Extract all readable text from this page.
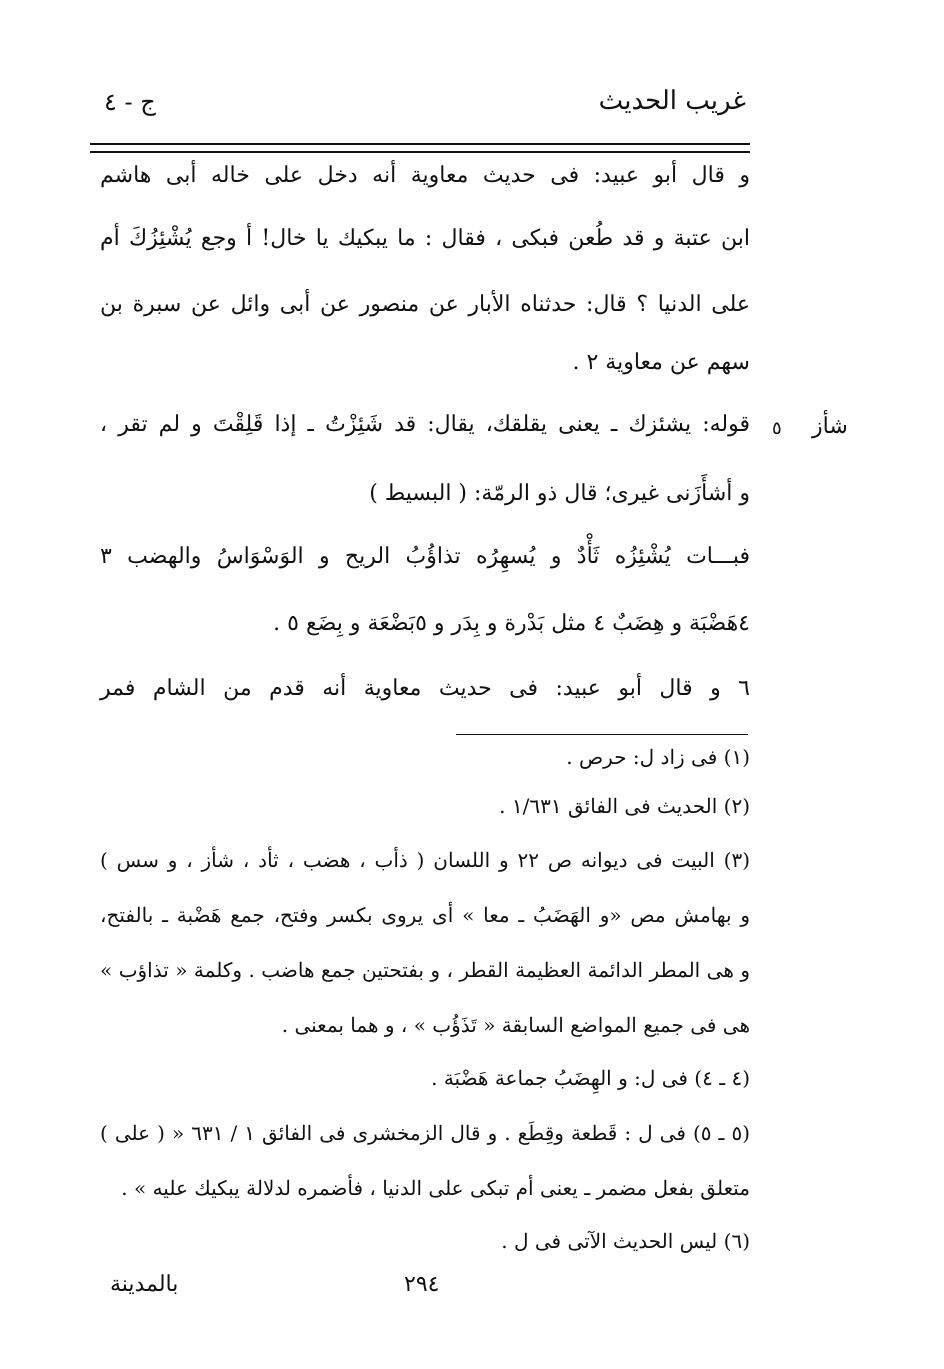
غريب الحديث
ج - ٤
و قال أبو عبيد: فى حديث معاوية أنه دخل على خاله أبى هاشم
ابن عتبة و قد طُعن فبكى ، فقال : ما يبكيك يا خال! أ وجع يُشْئِزُكَ أم
على الدنيا ؟ قال: حدثناه الأبار عن منصور عن أبى وائل عن سبرة بن
سهم عن معاوية ٢ .
قوله: يشئزك ـ يعنى يقلقك، يقال: قد شَئِزْتُ ـ إذا قَلِقْتَ و لم تقر ،
و أشأَزَنى غيرى؛ قال ذو الرمّة: ( البسيط )
فبـــات يُشْئِزُه ثَأْدٌ و يُسهِرُه تذاؤُبُ الريح و الوَسْوَاسُ والهضب ٣
٤هَضْبَة و هِضَبٌ ٤ مثل بَدْرة و بِدَر و ٥بَضْعَة و بِضَع ٥ .
٦ و قال أبو عبيد: فى حديث معاوية أنه قدم من الشام فمر
شأز
٥
(١) فى زاد ل: حرص .
(٢) الحديث فى الفائق ١/٦٣١ .
(٣) البيت فى ديوانه ص ٢٢ و اللسان ( ذأب ، هضب ، ثأد ، شأز ، و سس )
و بهامش مص «و الهَضَبُ ـ معا » أى يروى بكسر وفتح، جمع هَضْبة ـ بالفتح،
و هى المطر الدائمة العظيمة القطر ، و بفتحتين جمع هاضب . وكلمة « تذاؤب »
هى فى جميع المواضع السابقة « تَذَؤُب » ، و هما بمعنى .
(٤ ـ ٤) فى ل: و الهِضَبُ جماعة هَضْبَة .
(٥ ـ ٥) فى ل : قَطعة وقِطَع . و قال الزمخشرى فى الفائق ١ / ٦٣١ « ( على )
متعلق بفعل مضمر ـ يعنى أم تبكى على الدنيا ، فأضمره لدلالة يبكيك عليه » .
(٦) ليس الحديث الآتى فى ل .
٢٩٤
بالمدينة
